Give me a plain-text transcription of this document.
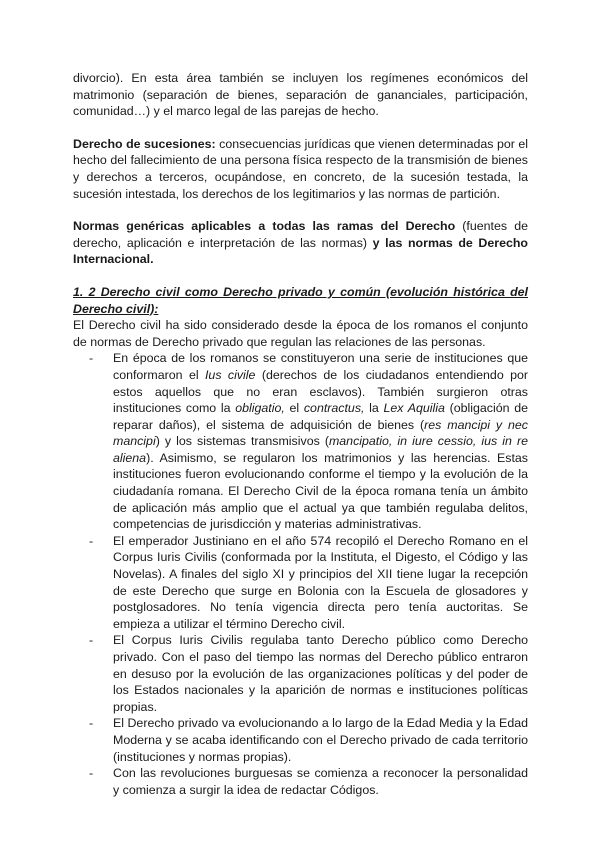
divorcio). En esta área también se incluyen los regímenes económicos del matrimonio (separación de bienes, separación de gananciales, participación, comunidad…) y el marco legal de las parejas de hecho.

Derecho de sucesiones: consecuencias jurídicas que vienen determinadas por el hecho del fallecimiento de una persona física respecto de la transmisión de bienes y derechos a terceros, ocupándose, en concreto, de la sucesión testada, la sucesión intestada, los derechos de los legitimarios y las normas de partición.

Normas genéricas aplicables a todas las ramas del Derecho (fuentes de derecho, aplicación e interpretación de las normas) y las normas de Derecho Internacional.

1. 2 Derecho civil como Derecho privado y común (evolución histórica del Derecho civil):

El Derecho civil ha sido considerado desde la época de los romanos el conjunto de normas de Derecho privado que regulan las relaciones de las personas.

- En época de los romanos se constituyeron una serie de instituciones que conformaron el Ius civile (derechos de los ciudadanos entendiendo por estos aquellos que no eran esclavos). También surgieron otras instituciones como la obligatio, el contractus, la Lex Aquilia (obligación de reparar daños), el sistema de adquisición de bienes (res mancipi y nec mancipi) y los sistemas transmisivos (mancipatio, in iure cessio, ius in re aliena). Asimismo, se regularon los matrimonios y las herencias. Estas instituciones fueron evolucionando conforme el tiempo y la evolución de la ciudadanía romana. El Derecho Civil de la época romana tenía un ámbito de aplicación más amplio que el actual ya que también regulaba delitos, competencias de jurisdicción y materias administrativas.
- El emperador Justiniano en el año 574 recopiló el Derecho Romano en el Corpus Iuris Civilis (conformada por la Instituta, el Digesto, el Código y las Novelas). A finales del siglo XI y principios del XII tiene lugar la recepción de este Derecho que surge en Bolonia con la Escuela de glosadores y postglosadores. No tenía vigencia directa pero tenía auctoritas. Se empieza a utilizar el término Derecho civil.
- El Corpus Iuris Civilis regulaba tanto Derecho público como Derecho privado. Con el paso del tiempo las normas del Derecho público entraron en desuso por la evolución de las organizaciones políticas y del poder de los Estados nacionales y la aparición de normas e instituciones políticas propias.
- El Derecho privado va evolucionando a lo largo de la Edad Media y la Edad Moderna y se acaba identificando con el Derecho privado de cada territorio (instituciones y normas propias).
- Con las revoluciones burguesas se comienza a reconocer la personalidad y comienza a surgir la idea de redactar Códigos.
